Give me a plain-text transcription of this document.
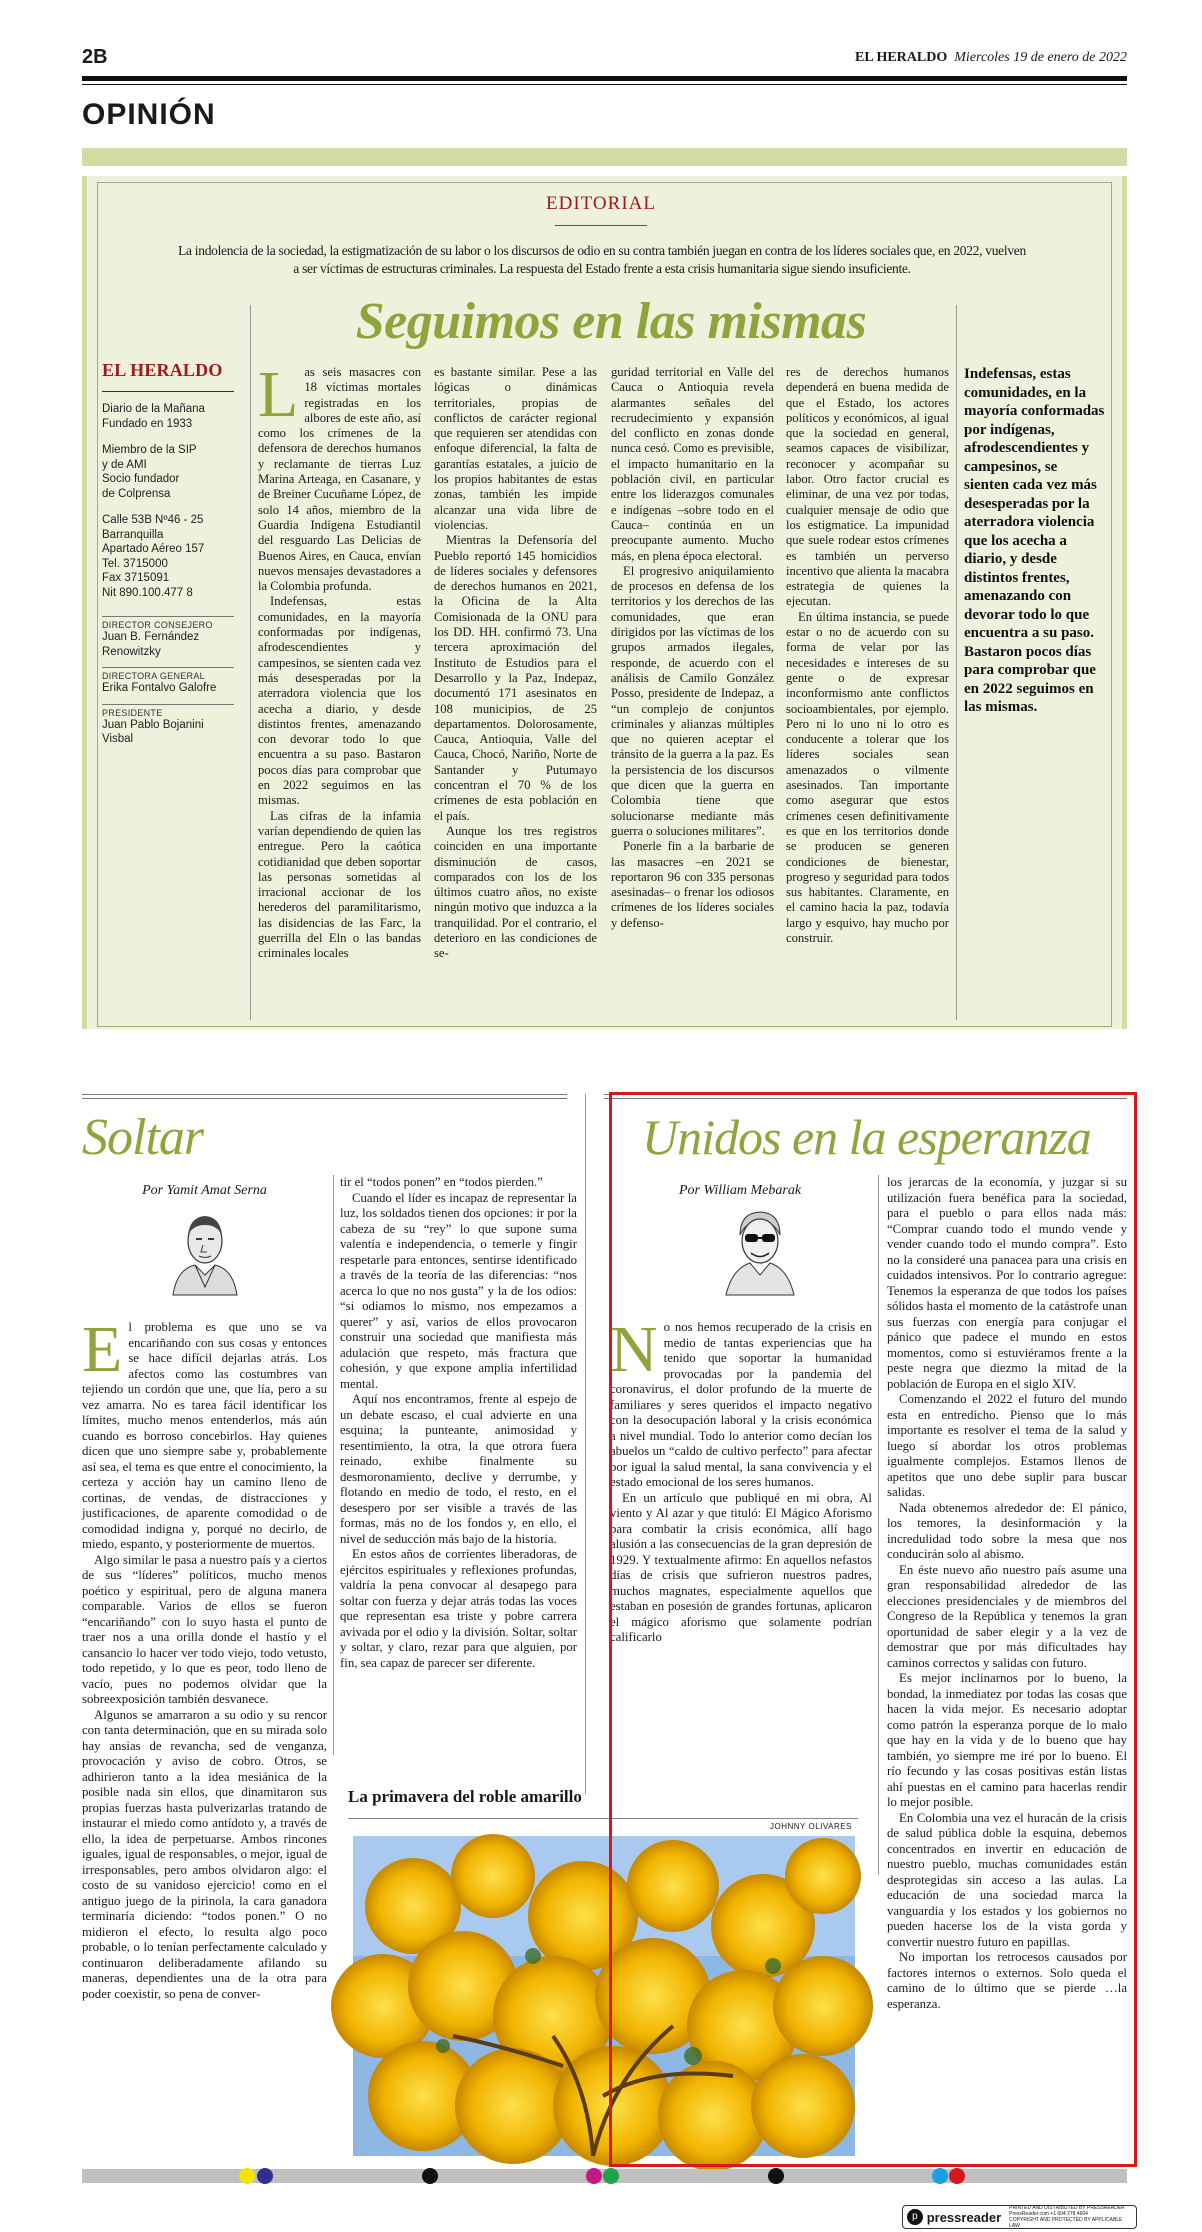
2B	EL HERALDO Miercoles 19 de enero de 2022
OPINIÓN
EDITORIAL
La indolencia de la sociedad, la estigmatización de su labor o los discursos de odio en su contra también juegan en contra de los líderes sociales que, en 2022, vuelven a ser víctimas de estructuras criminales. La respuesta del Estado frente a esta crisis humanitaria sigue siendo insuficiente.
Seguimos en las mismas
EL HERALDO
Diario de la Mañana
Fundado en 1933
Miembro de la SIP
y de AMI
Socio fundador
de Colprensa
Calle 53B Nº46 - 25
Barranquilla
Apartado Aéreo 157
Tel. 3715000
Fax 3715091
Nit 890.100.477 8
DIRECTOR CONSEJERO
Juan B. Fernández
Renowitzky
DIRECTORA GENERAL
Erika Fontalvo Galofre
PRESIDENTE
Juan Pablo Bojanini
Visbal
L as seis masacres con 18 víctimas mortales registradas en los albores de este año, así como los crímenes de la defensora de derechos humanos y reclamante de tierras Luz Marina Arteaga, en Casanare, y de Breiner Cucuñame López, de solo 14 años, miembro de la Guardia Indígena Estudiantil del resguardo Las Delicias de Buenos Aires, en Cauca, envían nuevos mensajes devastadores a la Colombia profunda.

Indefensas, estas comunidades, en la mayoría conformadas por indígenas, afrodescendientes y campesinos, se sienten cada vez más desesperadas por la aterradora violencia que los acecha a diario, y desde distintos frentes, amenazando con devorar todo lo que encuentra a su paso. Bastaron pocos días para comprobar que en 2022 seguimos en las mismas.

Las cifras de la infamia varían dependiendo de quien las entregue. Pero la caótica cotidianidad que deben soportar las personas sometidas al irracional accionar de los herederos del paramilitarismo, las disidencias de las Farc, la guerrilla del Eln o las bandas criminales locales

es bastante similar. Pese a las lógicas o dinámicas territoriales, propias de conflictos de carácter regional que requieren ser atendidas con enfoque diferencial, la falta de garantías estatales, a juicio de los propios habitantes de estas zonas, también les impide alcanzar una vida libre de violencias.

Mientras la Defensoría del Pueblo reportó 145 homicidios de líderes sociales y defensores de derechos humanos en 2021, la Oficina de la Alta Comisionada de la ONU para los DD. HH. confirmó 73. Una tercera aproximación del Instituto de Estudios para el Desarrollo y la Paz, Indepaz, documentó 171 asesinatos en 108 municipios, de 25 departamentos. Dolorosamente, Cauca, Antioquia, Valle del Cauca, Chocó, Nariño, Norte de Santander y Putumayo concentran el 70 % de los crímenes de esta población en el país.

Aunque los tres registros coinciden en una importante disminución de casos, comparados con los de los últimos cuatro años, no existe ningún motivo que induzca a la tranquilidad. Por el contrario, el deterioro en las condiciones de se-

guridad territorial en Valle del Cauca o Antioquia revela alarmantes señales del recrudecimiento y expansión del conflicto en zonas donde nunca cesó. Como es previsible, el impacto humanitario en la población civil, en particular entre los liderazgos comunales e indígenas –sobre todo en el Cauca– continúa en un preocupante aumento. Mucho más, en plena época electoral.

El progresivo aniquilamiento de procesos en defensa de los territorios y los derechos de las comunidades, que eran dirigidos por las víctimas de los grupos armados ilegales, responde, de acuerdo con el análisis de Camilo González Posso, presidente de Indepaz, a “un complejo de conjuntos criminales y alianzas múltiples que no quieren aceptar el tránsito de la guerra a la paz. Es la persistencia de los discursos que dicen que la guerra en Colombia tiene que solucionarse mediante más guerra o soluciones militares”.

Ponerle fin a la barbarie de las masacres –en 2021 se reportaron 96 con 335 personas asesinadas– o frenar los odiosos crímenes de los líderes sociales y defenso-

res de derechos humanos dependerá en buena medida de que el Estado, los actores políticos y económicos, al igual que la sociedad en general, seamos capaces de visibilizar, reconocer y acompañar su labor. Otro factor crucial es eliminar, de una vez por todas, cualquier mensaje de odio que los estigmatice. La impunidad que suele rodear estos crímenes es también un perverso incentivo que alienta la macabra estrategia de quienes la ejecutan.

En última instancia, se puede estar o no de acuerdo con su forma de velar por las necesidades e intereses de su gente o de expresar inconformismo ante conflictos socioambientales, por ejemplo. Pero ni lo uno ni lo otro es conducente a tolerar que los líderes sociales sean amenazados o vilmente asesinados. Tan importante como asegurar que estos crímenes cesen definitivamente es que en los territorios donde se producen se generen condiciones de bienestar, progreso y seguridad para todos sus habitantes. Claramente, en el camino hacia la paz, todavía largo y esquivo, hay mucho por construir.

Indefensas, estas comunidades, en la mayoría conformadas por indígenas, afrodescendientes y campesinos, se sienten cada vez más desesperadas por la aterradora violencia que los acecha a diario, y desde distintos frentes, amenazando con devorar todo lo que encuentra a su paso. Bastaron pocos días para comprobar que en 2022 seguimos en las mismas.
Soltar
Por Yamit Amat Serna
E l problema es que uno se va encariñando con sus cosas y entonces se hace difícil dejarlas atrás. Los afectos como las costumbres van tejiendo un cordón que une, que lía, pero a su vez amarra. No es tarea fácil identificar los límites, mucho menos entenderlos, más aún cuando es borroso concebirlos. Hay quienes dicen que uno siempre sabe y, probablemente así sea, el tema es que entre el conocimiento, la certeza y acción hay un camino lleno de cortinas, de vendas, de distracciones y justificaciones, de aparente comodidad o de comodidad indigna y, porqué no decirlo, de miedo, espanto, y posteriormente de muertos.

Algo similar le pasa a nuestro país y a ciertos de sus “líderes” políticos, mucho menos poético y espiritual, pero de alguna manera comparable. Varios de ellos se fueron “encariñando” con lo suyo hasta el punto de traer nos a una orilla donde el hastío y el cansancio lo hacer ver todo viejo, todo vetusto, todo repetido, y lo que es peor, todo lleno de vacío, pues no podemos olvidar que la sobreexposición también desvanece.

Algunos se amarraron a su odio y su rencor con tanta determinación, que en su mirada solo hay ansias de revancha, sed de venganza, provocación y aviso de cobro. Otros, se adhirieron tanto a la idea mesiánica de la posible nada sin ellos, que dinamitaron sus propias fuerzas hasta pulverizarlas tratando de instaurar el miedo como antídoto y, a través de ello, la idea de perpetuarse. Ambos rincones iguales, igual de responsables, o mejor, igual de irresponsables, pero ambos olvidaron algo: el costo de su vanidoso ejercicio! como en el antiguo juego de la pirinola, la cara ganadora terminaría diciendo: “todos ponen.” O no midieron el efecto, lo resulta algo poco probable, o lo tenían perfectamente calculado y continuaron deliberadamente afilando su maneras, dependientes una de la otra para poder coexistir, so pena de conver-

tir el “todos ponen” en “todos pierden.”

Cuando el líder es incapaz de representar la luz, los soldados tienen dos opciones: ir por la cabeza de su “rey” lo que supone suma valentía e independencia, o temerle y fingir respetarle para entonces, sentirse identificado a través de la teoría de las diferencias: “nos acerca lo que no nos gusta” y la de los odios: “si odiamos lo mismo, nos empezamos a querer” y así, varios de ellos provocaron construir una sociedad que manifiesta más adulación que respeto, más fractura que cohesión, y que expone amplia infertilidad mental.

Aquí nos encontramos, frente al espejo de un debate escaso, el cual advierte en una esquina; la punteante, animosidad y resentimiento, la otra, la que otrora fuera reinado, exhibe finalmente su desmoronamiento, declive y derrumbe, y flotando en medio de todo, el resto, en el desespero por ser visible a través de las formas, más no de los fondos y, en ello, el nivel de seducción más bajo de la historia.

En estos años de corrientes liberadoras, de ejércitos espirituales y reflexiones profundas, valdría la pena convocar al desapego para soltar con fuerza y dejar atrás todas las voces que representan esa triste y pobre carrera avivada por el odio y la división. Soltar, soltar y soltar, y claro, rezar para que alguien, por fin, sea capaz de parecer ser diferente.

Unidos en la esperanza
Por William Mebarak
N o nos hemos recuperado de la crisis en medio de tantas experiencias que ha tenido que soportar la humanidad provocadas por la pandemia del coronavirus, el dolor profundo de la muerte de familiares y seres queridos el impacto negativo con la desocupación laboral y la crisis económica a nivel mundial. Todo lo anterior como decían los abuelos un “caldo de cultivo perfecto” para afectar por igual la salud mental, la sana convivencia y el estado emocional de los seres humanos.

En un artículo que publiqué en mi obra, Al viento y Al azar y que tituló: El Mágico Aforismo para combatir la crisis económica, allí hago alusión a las consecuencias de la gran depresión de 1929. Y textualmente afirmo: En aquellos nefastos días de crisis que sufrieron nuestros padres, muchos magnates, especialmente aquellos que estaban en posesión de grandes fortunas, aplicaron el mágico aforismo que solamente podrían calificarlo

los jerarcas de la economía, y juzgar si su utilización fuera benéfica para la sociedad, para el pueblo o para ellos nada más: “Comprar cuando todo el mundo vende y vender cuando todo el mundo compra”. Esto no la consideré una panacea para una crisis en cuidados intensivos. Por lo contrario agregue: Tenemos la esperanza de que todos los países sólidos hasta el momento de la catástrofe unan sus fuerzas con energía para conjugar el pánico que padece el mundo en estos momentos, como si estuviéramos frente a la peste negra que diezmo la mitad de la población de Europa en el siglo XIV.

Comenzando el 2022 el futuro del mundo esta en entredicho. Pienso que lo más importante es resolver el tema de la salud y luego sí abordar los otros problemas igualmente complejos. Estamos llenos de apetitos que uno debe suplir para buscar salidas.

Nada obtenemos alrededor de: El pánico, los temores, la desinformación y la incredulidad todo sobre la mesa que nos conducirán solo al abismo.

En éste nuevo año nuestro país asume una gran responsabilidad alrededor de las elecciones presidenciales y de miembros del Congreso de la República y tenemos la gran oportunidad de saber elegir y a la vez de demostrar que por más dificultades hay caminos correctos y salidas con futuro.

Es mejor inclinarnos por lo bueno, la bondad, la inmediatez por todas las cosas que hacen la vida mejor. Es necesario adoptar como patrón la esperanza porque de lo malo que hay en la vida y de lo bueno que hay también, yo siempre me iré por lo bueno. El río fecundo y las cosas positivas están listas ahí puestas en el camino para hacerlas rendir lo mejor posible.

En Colombia una vez el huracán de la crisis de salud pública doble la esquina, debemos concentrados en invertir en educación de nuestro pueblo, muchas comunidades están desprotegidas sin acceso a las aulas. La educación de una sociedad marca la vanguardia y los estados y los gobiernos no pueden hacerse los de la vista gorda y convertir nuestro futuro en papillas.

No importan los retrocesos causados por factores internos o externos. Solo queda el camino de lo último que se pierde …la esperanza.

La primavera del roble amarillo
JOHNNY OLIVARES
p pressreader
PRINTED AND DISTRIBUTED BY PRESSREADER
PressReader.com +1 604 278 4604
COPYRIGHT AND PROTECTED BY APPLICABLE LAW
